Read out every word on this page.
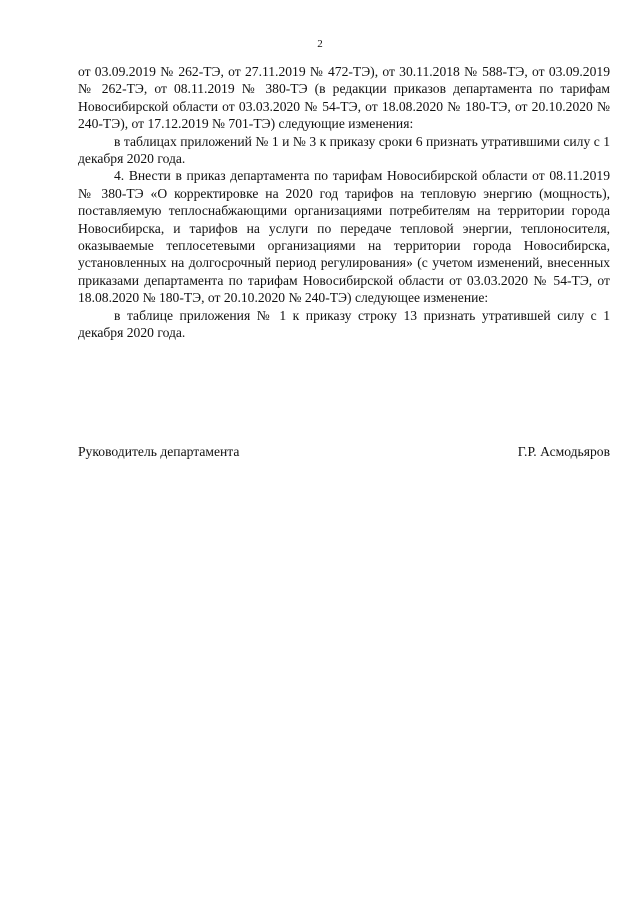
2

от 03.09.2019 № 262-ТЭ, от 27.11.2019 № 472-ТЭ), от 30.11.2018 № 588-ТЭ, от 03.09.2019 № 262-ТЭ, от 08.11.2019 № 380-ТЭ (в редакции приказов департамента по тарифам Новосибирской области от 03.03.2020 № 54-ТЭ, от 18.08.2020 № 180-ТЭ, от 20.10.2020 № 240-ТЭ), от 17.12.2019 № 701-ТЭ) следующие изменения:

в таблицах приложений № 1 и № 3 к приказу сроки 6 признать утратившими силу с 1 декабря 2020 года.

4. Внести в приказ департамента по тарифам Новосибирской области от 08.11.2019 № 380-ТЭ «О корректировке на 2020 год тарифов на тепловую энергию (мощность), поставляемую теплоснабжающими организациями потребителям на территории города Новосибирска, и тарифов на услуги по передаче тепловой энергии, теплоносителя, оказываемые теплосетевыми организациями на территории города Новосибирска, установленных на долгосрочный период регулирования» (с учетом изменений, внесенных приказами департамента по тарифам Новосибирской области от 03.03.2020 № 54-ТЭ, от 18.08.2020 № 180-ТЭ, от 20.10.2020 № 240-ТЭ) следующее изменение:

в таблице приложения № 1 к приказу строку 13 признать утратившей силу с 1 декабря 2020 года.

Руководитель департамента	Г.Р. Асмодьяров
